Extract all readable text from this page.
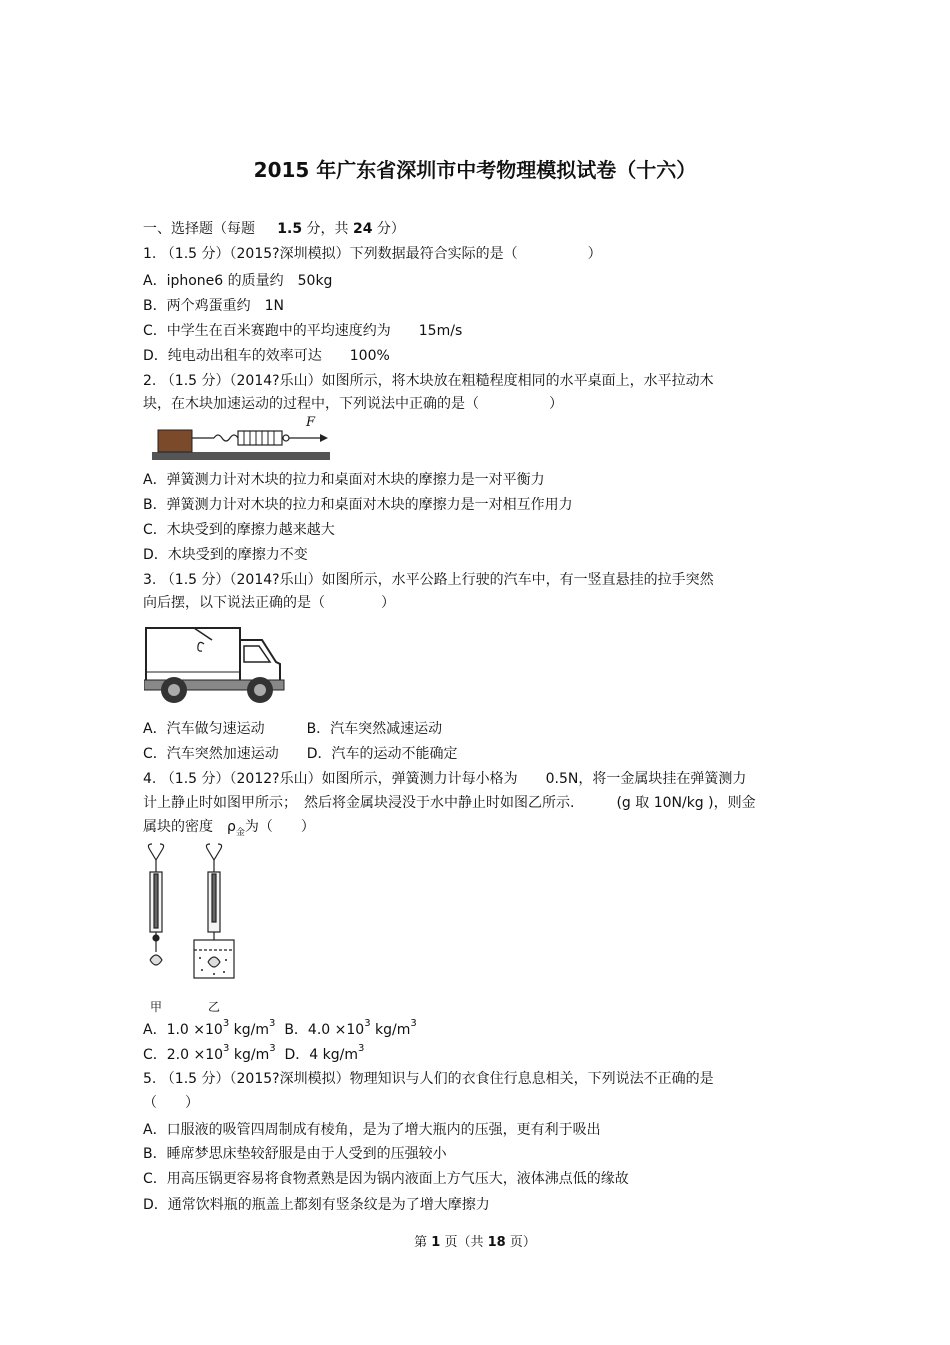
2015 年广东省深圳市中考物理模拟试卷（十六）
一、选择题（每题 1.5 分，共 24 分）
1. （1.5 分）（2015?深圳模拟）下列数据最符合实际的是（　　　　　）
A．iphone6 的质量约　50kg
B．两个鸡蛋重约　1N
C．中学生在百米赛跑中的平均速度约为　　15m/s
D．纯电动出租车的效率可达　　100%
2. （1.5 分）（2014?乐山）如图所示，将木块放在粗糙程度相同的水平桌面上，水平拉动木
块，在木块加速运动的过程中，下列说法中正确的是（　　　　　）
F
A．弹簧测力计对木块的拉力和桌面对木块的摩擦力是一对平衡力
B．弹簧测力计对木块的拉力和桌面对木块的摩擦力是一对相互作用力
C．木块受到的摩擦力越来越大
D．木块受到的摩擦力不变
3. （1.5 分）（2014?乐山）如图所示，水平公路上行驶的汽车中，有一竖直悬挂的拉手突然
向后摆，以下说法正确的是（　　　　）
A．汽车做匀速运动　　　B．汽车突然减速运动
C．汽车突然加速运动　　D．汽车的运动不能确定
4. （1.5 分）（2012?乐山）如图所示，弹簧测力计每小格为　　0.5N，将一金属块挂在弹簧测力
计上静止时如图甲所示；　然后将金属块浸没于水中静止时如图乙所示.　　　(g 取 10N/kg )，则金
属块的密度　$\rho_金$为（　　）
甲	乙
A．$1.0 \times 10^3$ $kg/m^3$ B．$4.0 \times 10^3$ $kg/m^3$
C．$2.0 \times 10^3$ $kg/m^3$ D．4 $kg/m^3$
5. （1.5 分）（2015?深圳模拟）物理知识与人们的衣食住行息息相关，下列说法不正确的是
（　　）
A．口服液的吸管四周制成有棱角，是为了增大瓶内的压强，更有利于吸出
B．睡席梦思床垫较舒服是由于人受到的压强较小
C．用高压锅更容易将食物煮熟是因为锅内液面上方气压大，液体沸点低的缘故
D．通常饮料瓶的瓶盖上都刻有竖条纹是为了增大摩擦力
第 1 页（共 18 页）
